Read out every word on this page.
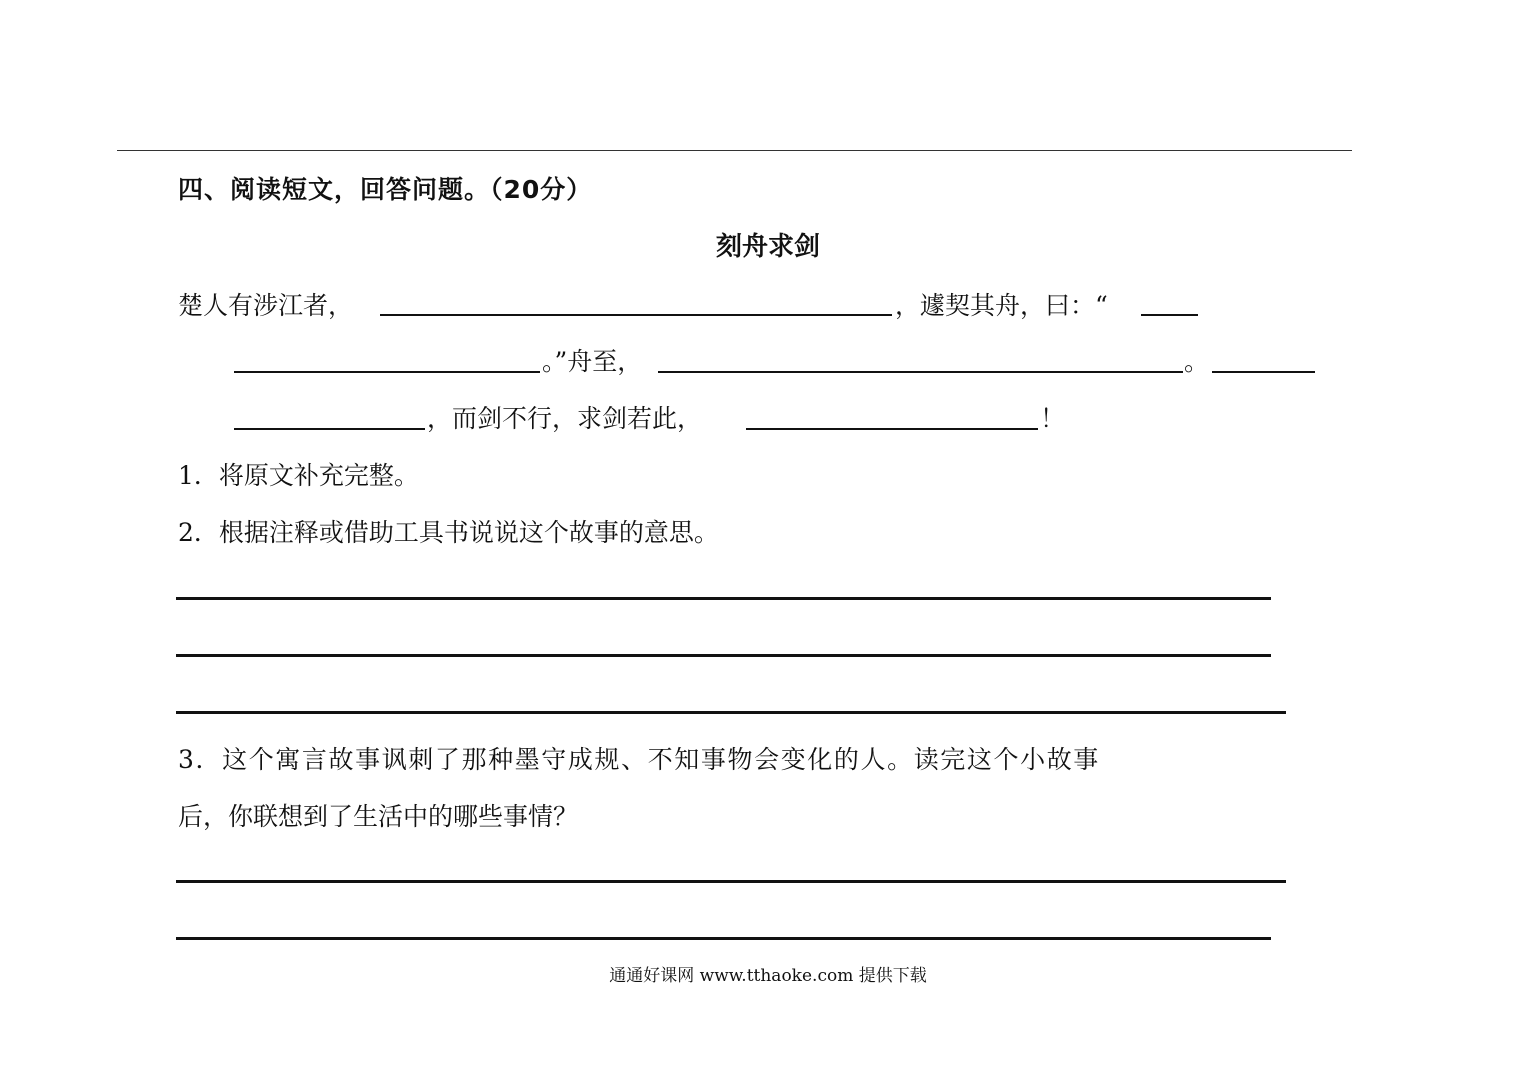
四、阅读短文，回答问题。（20分）
刻舟求剑
楚人有涉江者，	，遽契其舟，曰：“
。”舟至，	。
，而剑不行，求剑若此，	！
1．将原文补充完整。
2．根据注释或借助工具书说说这个故事的意思。
3．这个寓言故事讽刺了那种墨守成规、不知事物会变化的人。读完这个小故事
后，你联想到了生活中的哪些事情？
通通好课网 www.tthaoke.com 提供下载
